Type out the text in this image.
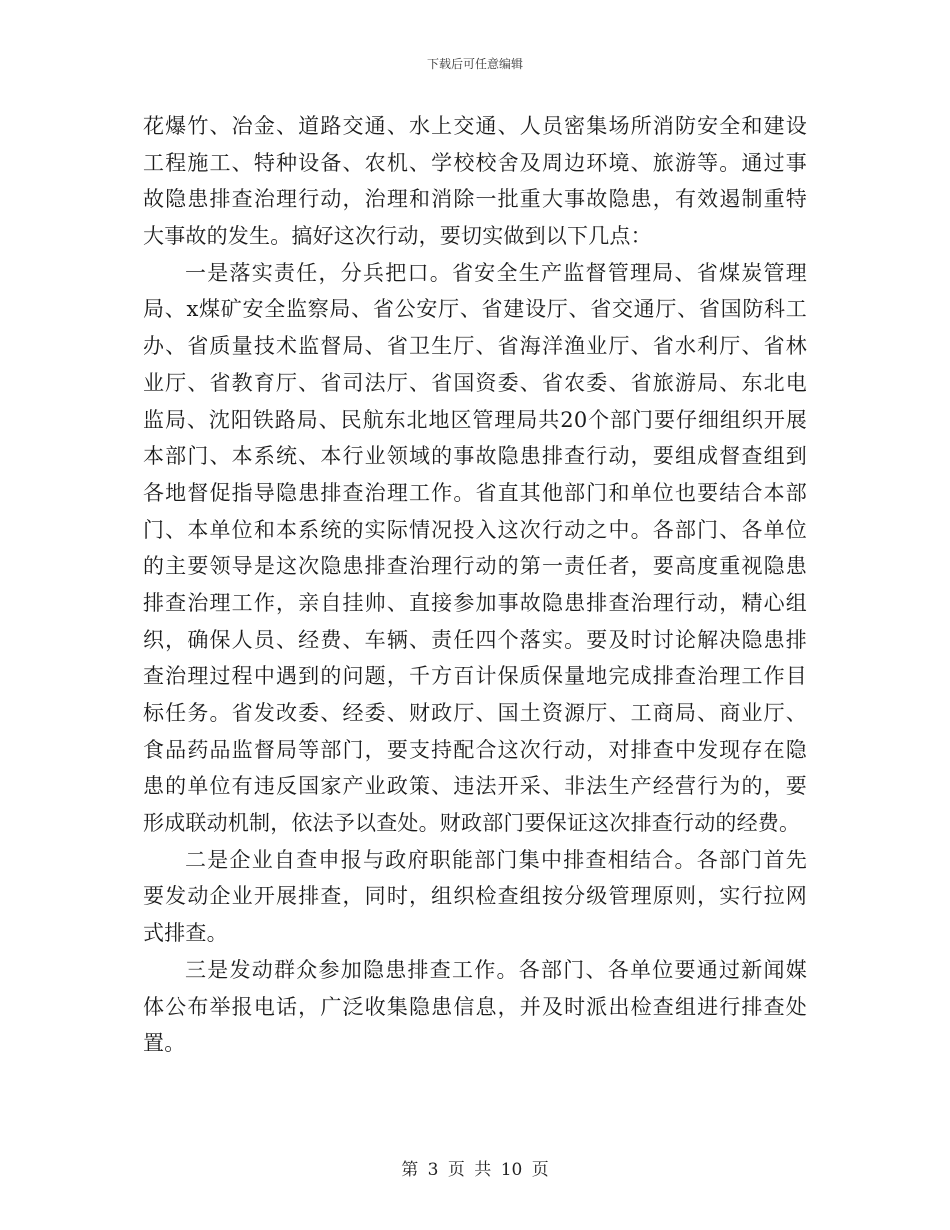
下载后可任意编辑
花爆竹、冶金、道路交通、水上交通、人员密集场所消防安全和建设
工程施工、特种设备、农机、学校校舍及周边环境、旅游等。通过事
故隐患排查治理行动，治理和消除一批重大事故隐患，有效遏制重特
大事故的发生。搞好这次行动，要切实做到以下几点：
一是落实责任，分兵把口。省安全生产监督管理局、省煤炭管理
局、x煤矿安全监察局、省公安厅、省建设厅、省交通厅、省国防科工
办、省质量技术监督局、省卫生厅、省海洋渔业厅、省水利厅、省林
业厅、省教育厅、省司法厅、省国资委、省农委、省旅游局、东北电
监局、沈阳铁路局、民航东北地区管理局共20个部门要仔细组织开展
本部门、本系统、本行业领域的事故隐患排查行动，要组成督查组到
各地督促指导隐患排查治理工作。省直其他部门和单位也要结合本部
门、本单位和本系统的实际情况投入这次行动之中。各部门、各单位
的主要领导是这次隐患排查治理行动的第一责任者，要高度重视隐患
排查治理工作，亲自挂帅、直接参加事故隐患排查治理行动，精心组
织，确保人员、经费、车辆、责任四个落实。要及时讨论解决隐患排
查治理过程中遇到的问题，千方百计保质保量地完成排查治理工作目
标任务。省发改委、经委、财政厅、国土资源厅、工商局、商业厅、
食品药品监督局等部门，要支持配合这次行动，对排查中发现存在隐
患的单位有违反国家产业政策、违法开采、非法生产经营行为的，要
形成联动机制，依法予以查处。财政部门要保证这次排查行动的经费。
二是企业自查申报与政府职能部门集中排查相结合。各部门首先
要发动企业开展排查，同时，组织检查组按分级管理原则，实行拉网
式排查。
三是发动群众参加隐患排查工作。各部门、各单位要通过新闻媒
体公布举报电话，广泛收集隐患信息，并及时派出检查组进行排查处
置。
第 3 页 共 10 页
